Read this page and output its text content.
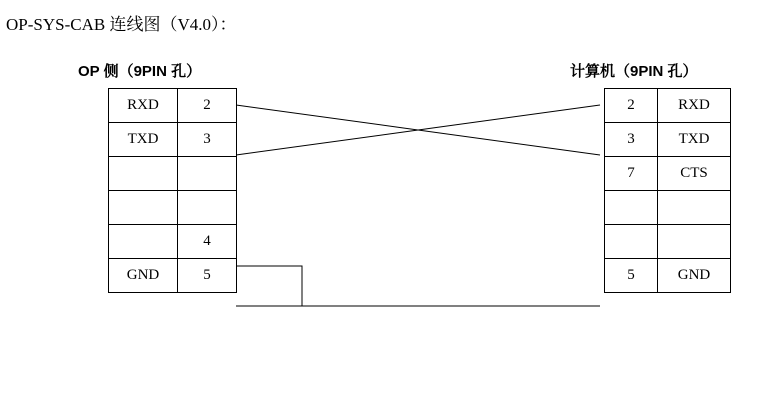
OP-SYS-CAB 连线图（V4.0）：
OP 侧（9PIN 孔）	计算机（9PIN 孔）
RXD	2
TXD	3

	4
GND	5
2	RXD
3	TXD
7	CTS

5	GND
